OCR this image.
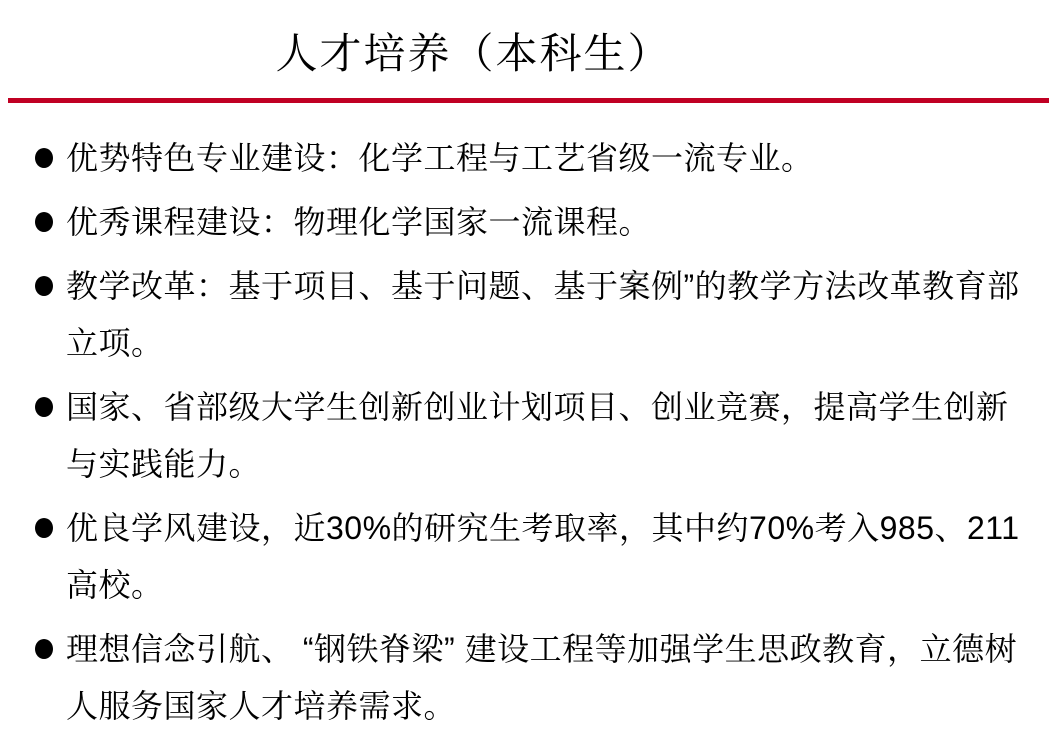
人才培养（本科生）
优势特色专业建设：化学工程与工艺省级一流专业。
优秀课程建设：物理化学国家一流课程。
教学改革：基于项目、基于问题、基于案例”的教学方法改革教育部立项。
国家、省部级大学生创新创业计划项目、创业竞赛，提高学生创新与实践能力。
优良学风建设，近30%的研究生考取率，其中约70%考入985、211高校。
理想信念引航、 “钢铁脊梁” 建设工程等加强学生思政教育，立德树人服务国家人才培养需求。
